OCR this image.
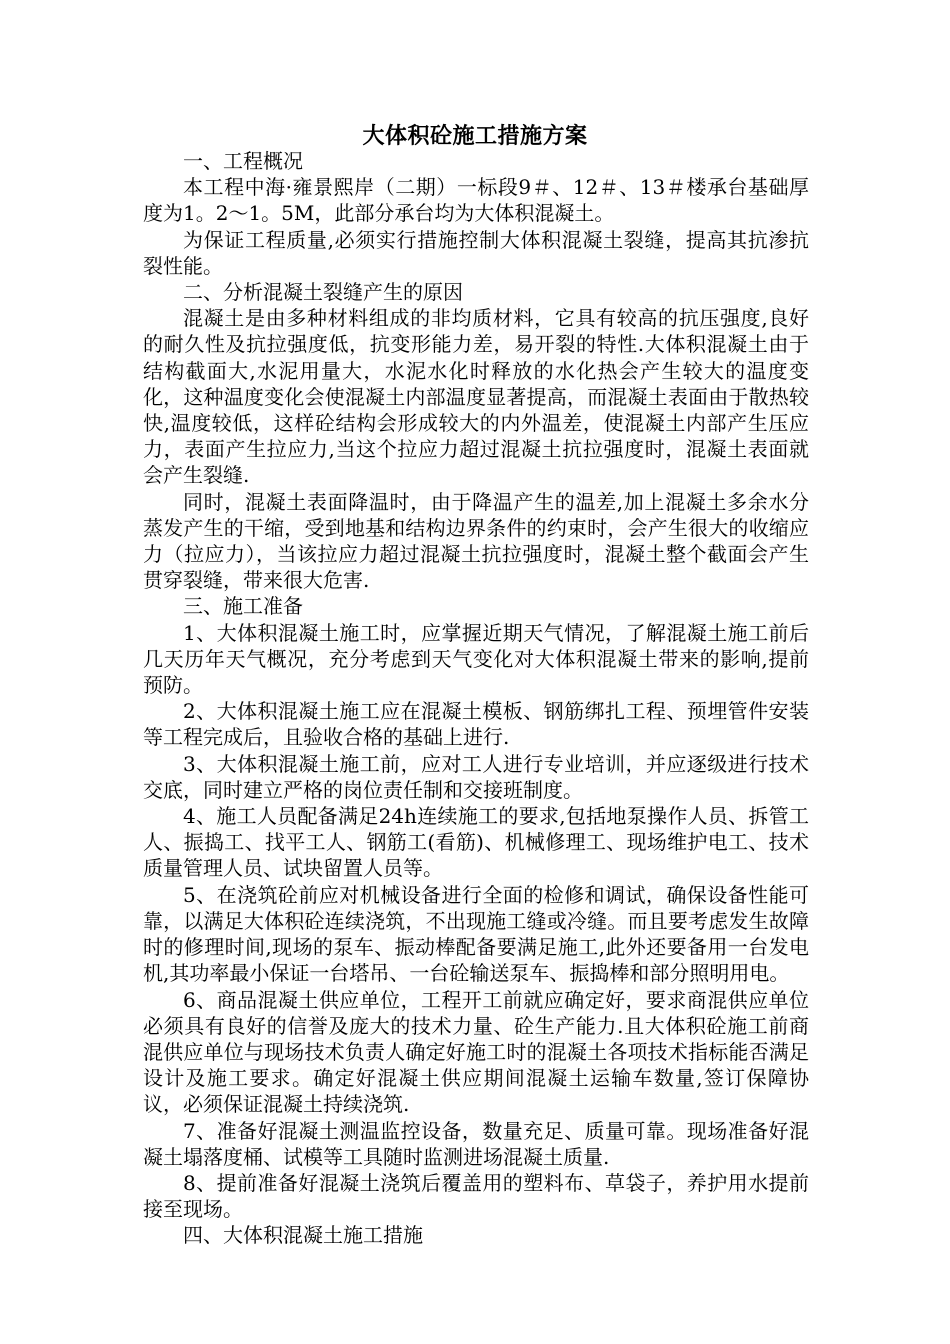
大体积砼施工措施方案

一、工程概况

本工程中海·雍景熙岸（二期）一标段9＃、12＃、13＃楼承台基础厚度为1。2～1。5M，此部分承台均为大体积混凝土。

为保证工程质量,必须实行措施控制大体积混凝土裂缝，提高其抗渗抗裂性能。

二、分析混凝土裂缝产生的原因

混凝土是由多种材料组成的非均质材料，它具有较高的抗压强度,良好的耐久性及抗拉强度低，抗变形能力差，易开裂的特性.大体积混凝土由于结构截面大,水泥用量大，水泥水化时释放的水化热会产生较大的温度变化，这种温度变化会使混凝土内部温度显著提高，而混凝土表面由于散热较快,温度较低，这样砼结构会形成较大的内外温差，使混凝土内部产生压应力，表面产生拉应力,当这个拉应力超过混凝土抗拉强度时，混凝土表面就会产生裂缝.

同时，混凝土表面降温时，由于降温产生的温差,加上混凝土多余水分蒸发产生的干缩，受到地基和结构边界条件的约束时，会产生很大的收缩应力（拉应力），当该拉应力超过混凝土抗拉强度时，混凝土整个截面会产生贯穿裂缝，带来很大危害.

三、施工准备

1、大体积混凝土施工时，应掌握近期天气情况，了解混凝土施工前后几天历年天气概况，充分考虑到天气变化对大体积混凝土带来的影响,提前预防。

2、大体积混凝土施工应在混凝土模板、钢筋绑扎工程、预埋管件安装等工程完成后，且验收合格的基础上进行.

3、大体积混凝土施工前，应对工人进行专业培训，并应逐级进行技术交底，同时建立严格的岗位责任制和交接班制度。

4、施工人员配备满足24h连续施工的要求,包括地泵操作人员、拆管工人、振捣工、找平工人、钢筋工(看筋)、机械修理工、现场维护电工、技术质量管理人员、试块留置人员等。

5、在浇筑砼前应对机械设备进行全面的检修和调试，确保设备性能可靠，以满足大体积砼连续浇筑，不出现施工缝或冷缝。而且要考虑发生故障时的修理时间,现场的泵车、振动棒配备要满足施工,此外还要备用一台发电机,其功率最小保证一台塔吊、一台砼输送泵车、振捣棒和部分照明用电。

6、商品混凝土供应单位，工程开工前就应确定好，要求商混供应单位必须具有良好的信誉及庞大的技术力量、砼生产能力.且大体积砼施工前商混供应单位与现场技术负责人确定好施工时的混凝土各项技术指标能否满足设计及施工要求。确定好混凝土供应期间混凝土运输车数量,签订保障协议，必须保证混凝土持续浇筑.

7、准备好混凝土测温监控设备，数量充足、质量可靠。现场准备好混凝土塌落度桶、试模等工具随时监测进场混凝土质量.

8、提前准备好混凝土浇筑后覆盖用的塑料布、草袋子，养护用水提前接至现场。

四、大体积混凝土施工措施
